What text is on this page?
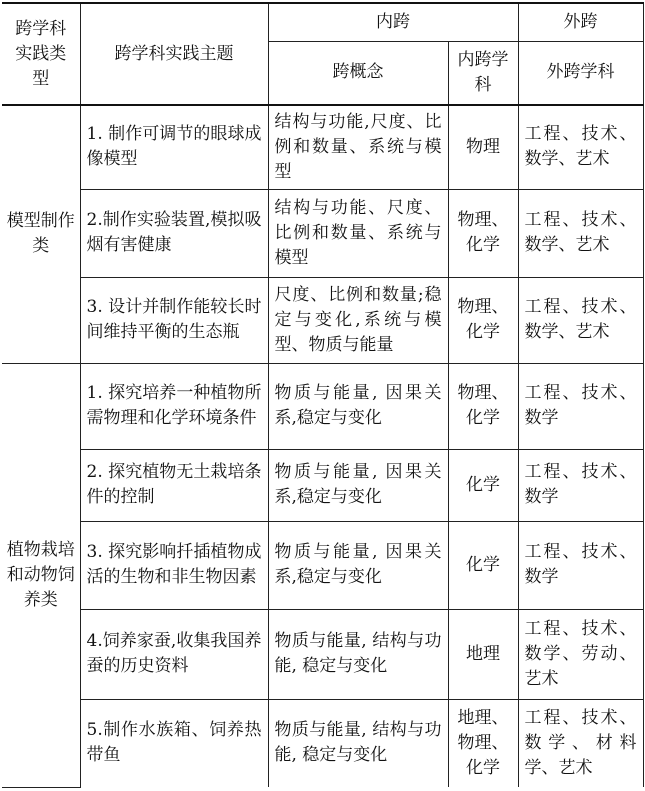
跨学科实践类型	跨学科实践主题	内跨		外跨
		跨概念	内跨学科	外跨学科
模型制作类	1. 制作可调节的眼球成像模型	结构与功能,尺度、比例和数量、系统与模型	物理	工程、技术、数学、艺术
	2.制作实验装置,模拟吸烟有害健康	结构与功能、尺度、比例和数量、系统与模型	物理、化学	工程、技术、数学、艺术
	3. 设计并制作能较长时间维持平衡的生态瓶	尺度、比例和数量;稳定与变化,系统与模型、物质与能量	物理、化学	工程、技术、数学、艺术
植物栽培和动物饲养类	1. 探究培养一种植物所需物理和化学环境条件	物质与能量, 因果关系,稳定与变化	物理、化学	工程、技术、数学
	2. 探究植物无土栽培条件的控制	物质与能量, 因果关系,稳定与变化	化学	工程、技术、数学
	3. 探究影响扦插植物成活的生物和非生物因素	物质与能量, 因果关系,稳定与变化	化学	工程、技术、数学
	4.饲养家蚕,收集我国养蚕的历史资料	物质与能量, 结构与功能, 稳定与变化	地理	工程、技术、数学、劳动、艺术
	5.制作水族箱、饲养热带鱼	物质与能量, 结构与功能, 稳定与变化	地理、物理、化学	工程、技术、数学、材料学、艺术
